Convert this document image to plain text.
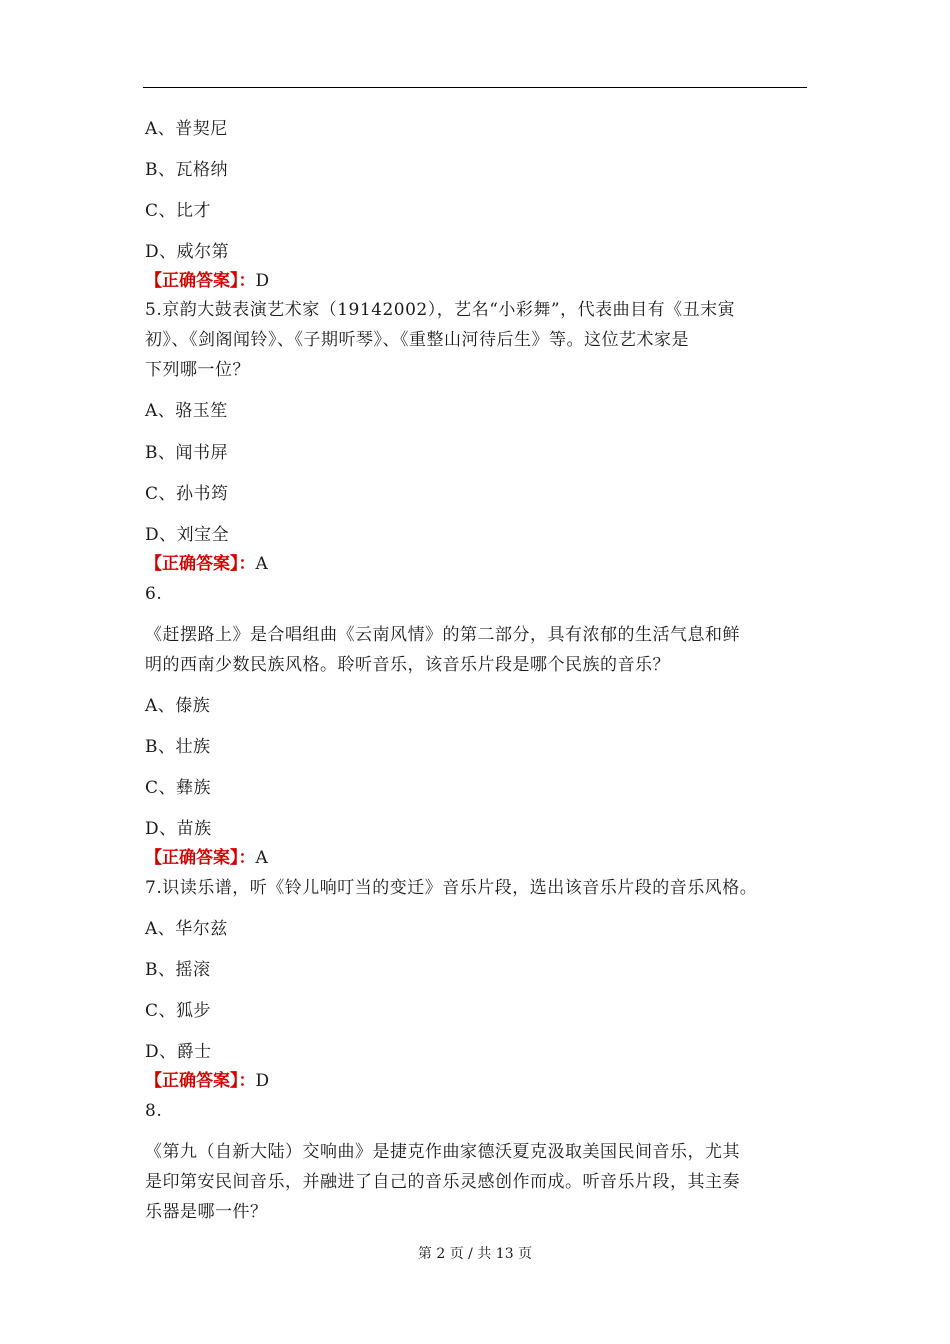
A、普契尼
B、瓦格纳
C、比才
D、威尔第
【正确答案】：D
5.京韵大鼓表演艺术家（19142002），艺名“小彩舞”，代表曲目有《丑末寅
初》、《剑阁闻铃》、《子期听琴》、《重整山河待后生》等。这位艺术家是
下列哪一位？
A、骆玉笙
B、闻书屏
C、孙书筠
D、刘宝全
【正确答案】：A
6.
《赶摆路上》是合唱组曲《云南风情》的第二部分，具有浓郁的生活气息和鲜
明的西南少数民族风格。聆听音乐，该音乐片段是哪个民族的音乐？
A、傣族
B、壮族
C、彝族
D、苗族
【正确答案】：A
7.识读乐谱，听《铃儿响叮当的变迁》音乐片段，选出该音乐片段的音乐风格。
A、华尔兹
B、摇滚
C、狐步
D、爵士
【正确答案】：D
8.
《第九（自新大陆）交响曲》是捷克作曲家德沃夏克汲取美国民间音乐，尤其
是印第安民间音乐，并融进了自己的音乐灵感创作而成。听音乐片段，其主奏
乐器是哪一件？
第 2 页 / 共 13 页
